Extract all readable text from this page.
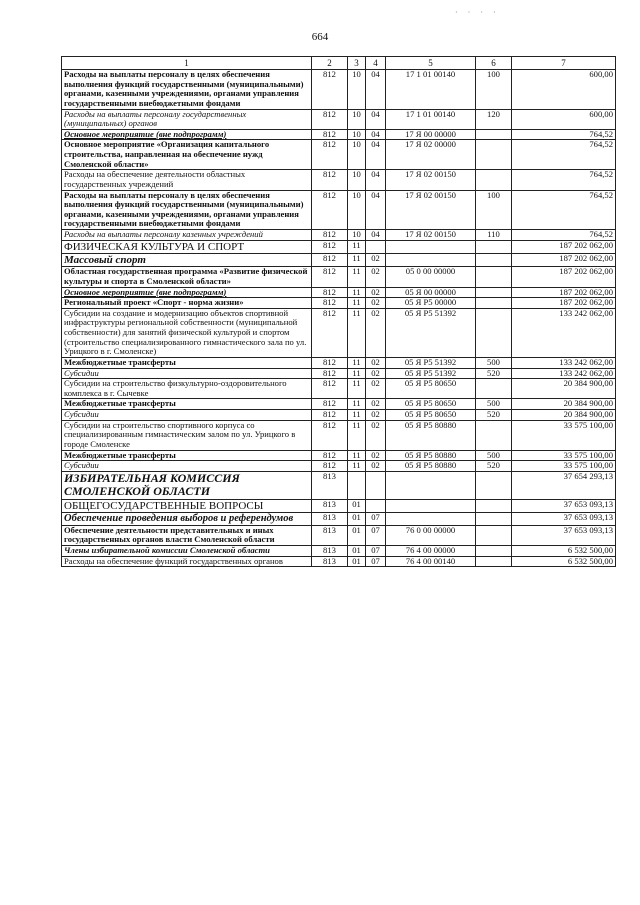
· · · ·
664
1	2	3	4	5	6	7
Расходы на выплаты персоналу в целях обеспечения выполнения функций государственными (муниципальными) органами, казенными учреждениями, органами управления государственными внебюджетными фондами	812	10	04	17 1 01 00140	100	600,00
Расходы на выплаты персоналу государственных (муниципальных) органов	812	10	04	17 1 01 00140	120	600,00
Основное мероприятие (вне подпрограмм)	812	10	04	17 Я 00 00000		764,52
Основное мероприятие «Организация капитального строительства, направленная на обеспечение нужд Смоленской области»	812	10	04	17 Я 02 00000		764,52
Расходы на обеспечение деятельности областных государственных учреждений	812	10	04	17 Я 02 00150		764,52
Расходы на выплаты персоналу в целях обеспечения выполнения функций государственными (муниципальными) органами, казенными учреждениями, органами управления государственными внебюджетными фондами	812	10	04	17 Я 02 00150	100	764,52
Расходы на выплаты персоналу казенных учреждений	812	10	04	17 Я 02 00150	110	764,52
ФИЗИЧЕСКАЯ КУЛЬТУРА И СПОРТ	812	11				187 202 062,00
Массовый спорт	812	11	02			187 202 062,00
Областная государственная программа «Развитие физической культуры и спорта в Смоленской области»	812	11	02	05 0 00 00000		187 202 062,00
Основное мероприятие (вне подпрограмм)	812	11	02	05 Я 00 00000		187 202 062,00
Региональный проект «Спорт - норма жизни»	812	11	02	05 Я P5 00000		187 202 062,00
Субсидии на создание и модернизацию объектов спортивной инфраструктуры региональной собственности (муниципальной собственности) для занятий физической культурой и спортом (строительство специализированного гимнастического зала по ул. Урицкого в г. Смоленске)	812	11	02	05 Я P5 51392		133 242 062,00
Межбюджетные трансферты	812	11	02	05 Я P5 51392	500	133 242 062,00
Субсидии	812	11	02	05 Я P5 51392	520	133 242 062,00
Субсидии на строительство физкультурно-оздоровительного комплекса в г. Сычевке	812	11	02	05 Я P5 80650		20 384 900,00
Межбюджетные трансферты	812	11	02	05 Я P5 80650	500	20 384 900,00
Субсидии	812	11	02	05 Я P5 80650	520	20 384 900,00
Субсидии на строительство спортивного корпуса со специализированным гимнастическим залом по ул. Урицкого в городе Смоленске	812	11	02	05 Я P5 80880		33 575 100,00
Межбюджетные трансферты	812	11	02	05 Я P5 80880	500	33 575 100,00
Субсидии	812	11	02	05 Я P5 80880	520	33 575 100,00
ИЗБИРАТЕЛЬНАЯ КОМИССИЯ СМОЛЕНСКОЙ ОБЛАСТИ	813					37 654 293,13
ОБЩЕГОСУДАРСТВЕННЫЕ ВОПРОСЫ	813	01				37 653 093,13
Обеспечение проведения выборов и референдумов	813	01	07			37 653 093,13
Обеспечение деятельности представительных и иных государственных органов власти Смоленской области	813	01	07	76 0 00 00000		37 653 093,13
Члены избирательной комиссии Смоленской области	813	01	07	76 4 00 00000		6 532 500,00
Расходы на обеспечение функций государственных органов	813	01	07	76 4 00 00140		6 532 500,00
